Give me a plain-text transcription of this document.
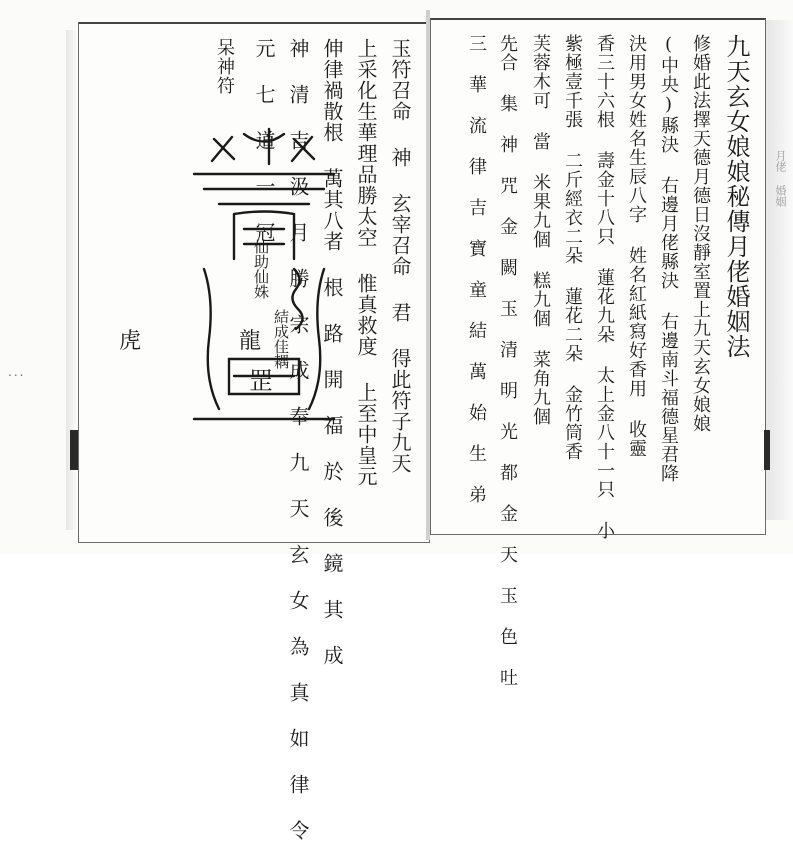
玉符召命 神 玄宰召命 君 得此符子九天
上采化生華理品勝太空 惟真救度 上至中皇元
伸律禍散根 萬其八者 根 路 開 福 於 後 鏡 其 成
神 清 吉 汲 月 勝 宗 成 奉 九 天 玄 女 為 真 如 律 令
元 七 道 一 冠
呆神符
仙助仙姝
結成佳耦
罡
虎	龍	九天玄女娘娘秘傳月佬婚姻法
修婚此法擇天德月德日沒靜室置上九天玄女娘娘
(中央)縣決 右邊月佬縣決 右邊南斗福德星君降
決用男女姓名生辰八字 姓名紅紙寫好香用 收靈
香三十六根 壽金十八只 蓮花九朵 太上金八十一只 小
紫極壹千張 二斤經衣二朵 蓮花二朵 金竹筒香
芙蓉木可 當 米果九個 糕九個 菜角九個
先合 集 神 咒 金 闕 玉 清 明 光 都 金 天 玉 色 吐
三 華 流 律 吉 寶 童 結 萬 始 生 弟	月佬 婚姻
...
